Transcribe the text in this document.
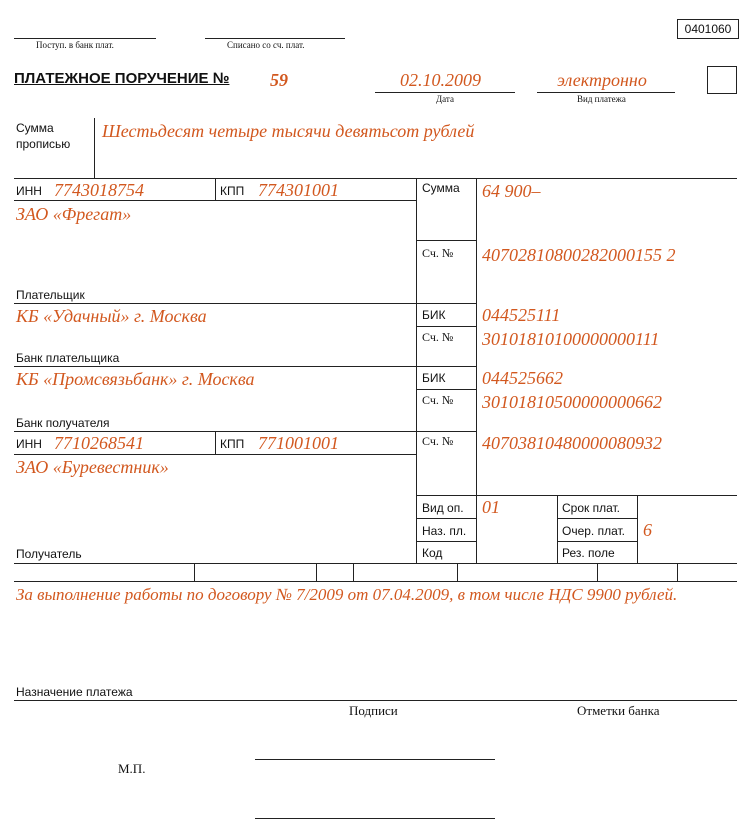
Поступ. в банк плат.	Списано со сч. плат.
0401060
ПЛАТЕЖНОЕ ПОРУЧЕНИЕ № 59	02.10.2009
Дата
электронно
Вид платежа
Сумма
прописью
Шестьдесят четыре тысячи девятьсот рублей
ИНН 7743018754	КПП 774301001
ЗАО «Фрегат»
Плательщик
Сумма 64 900–
Сч. № 40702810800282000155 2
КБ «Удачный» г. Москва
Банк плательщика
БИК 044525111
Сч. № 30101810100000000111
КБ «Промсвязьбанк» г. Москва
Банк получателя
БИК 044525662
Сч. № 30101810500000000662
ИНН 7710268541	КПП 771001001
ЗАО «Буревестник»
Получатель
Сч. № 40703810480000080932
Вид оп. 01
Наз. пл.
Код
Срок плат.
Очер. плат. 6
Рез. поле
За выполнение работы по договору № 7/2009 от 07.04.2009, в том числе НДС 9900 рублей.
Назначение платежа
Подписи	Отметки банка
М.П.
